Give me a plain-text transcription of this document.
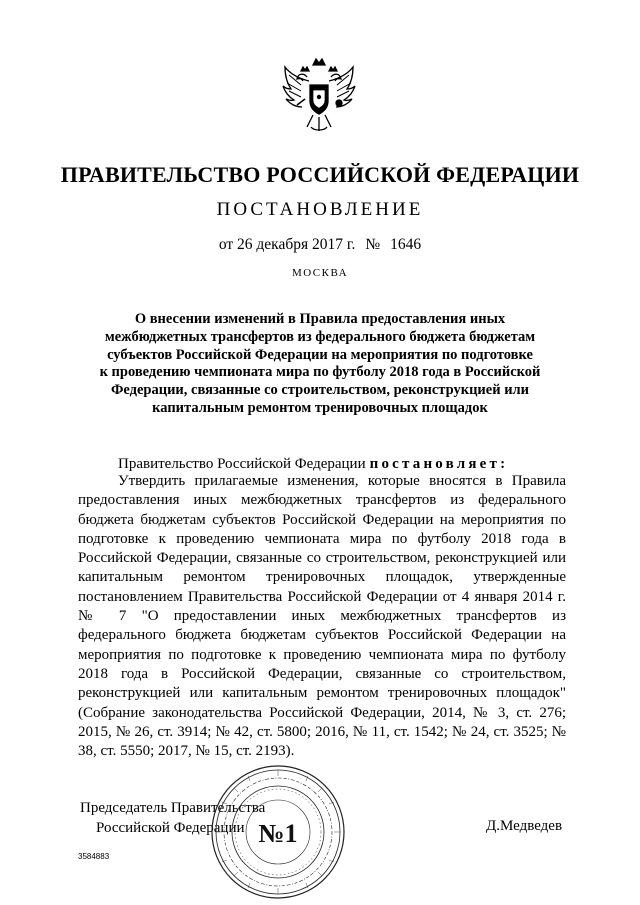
ПРАВИТЕЛЬСТВО РОССИЙСКОЙ ФЕДЕРАЦИИ
ПОСТАНОВЛЕНИЕ
от 26 декабря 2017 г. № 1646
МОСКВА
О внесении изменений в Правила предоставления иных
межбюджетных трансфертов из федерального бюджета бюджетам
субъектов Российской Федерации на мероприятия по подготовке
к проведению чемпионата мира по футболу 2018 года в Российской
Федерации, связанные со строительством, реконструкцией или
капитальным ремонтом тренировочных площадок
Правительство Российской Федерации постановляет:

Утвердить прилагаемые изменения, которые вносятся в Правила предоставления иных межбюджетных трансфертов из федерального бюджета бюджетам субъектов Российской Федерации на мероприятия по подготовке к проведению чемпионата мира по футболу 2018 года в Российской Федерации, связанные со строительством, реконструкцией или капитальным ремонтом тренировочных площадок, утвержденные постановлением Правительства Российской Федерации от 4 января 2014 г. № 7 "О предоставлении иных межбюджетных трансфертов из федерального бюджета бюджетам субъектов Российской Федерации на мероприятия по подготовке к проведению чемпионата мира по футболу 2018 года в Российской Федерации, связанные со строительством, реконструкцией или капитальным ремонтом тренировочных площадок" (Собрание законодательства Российской Федерации, 2014, № 3, ст. 276; 2015, № 26, ст. 3914; № 42, ст. 5800; 2016, № 11, ст. 1542; № 24, ст. 3525; № 38, ст. 5550; 2017, № 15, ст. 2193).

Председатель Правительства
Российской Федерации	Д.Медведев
№1
3584883
